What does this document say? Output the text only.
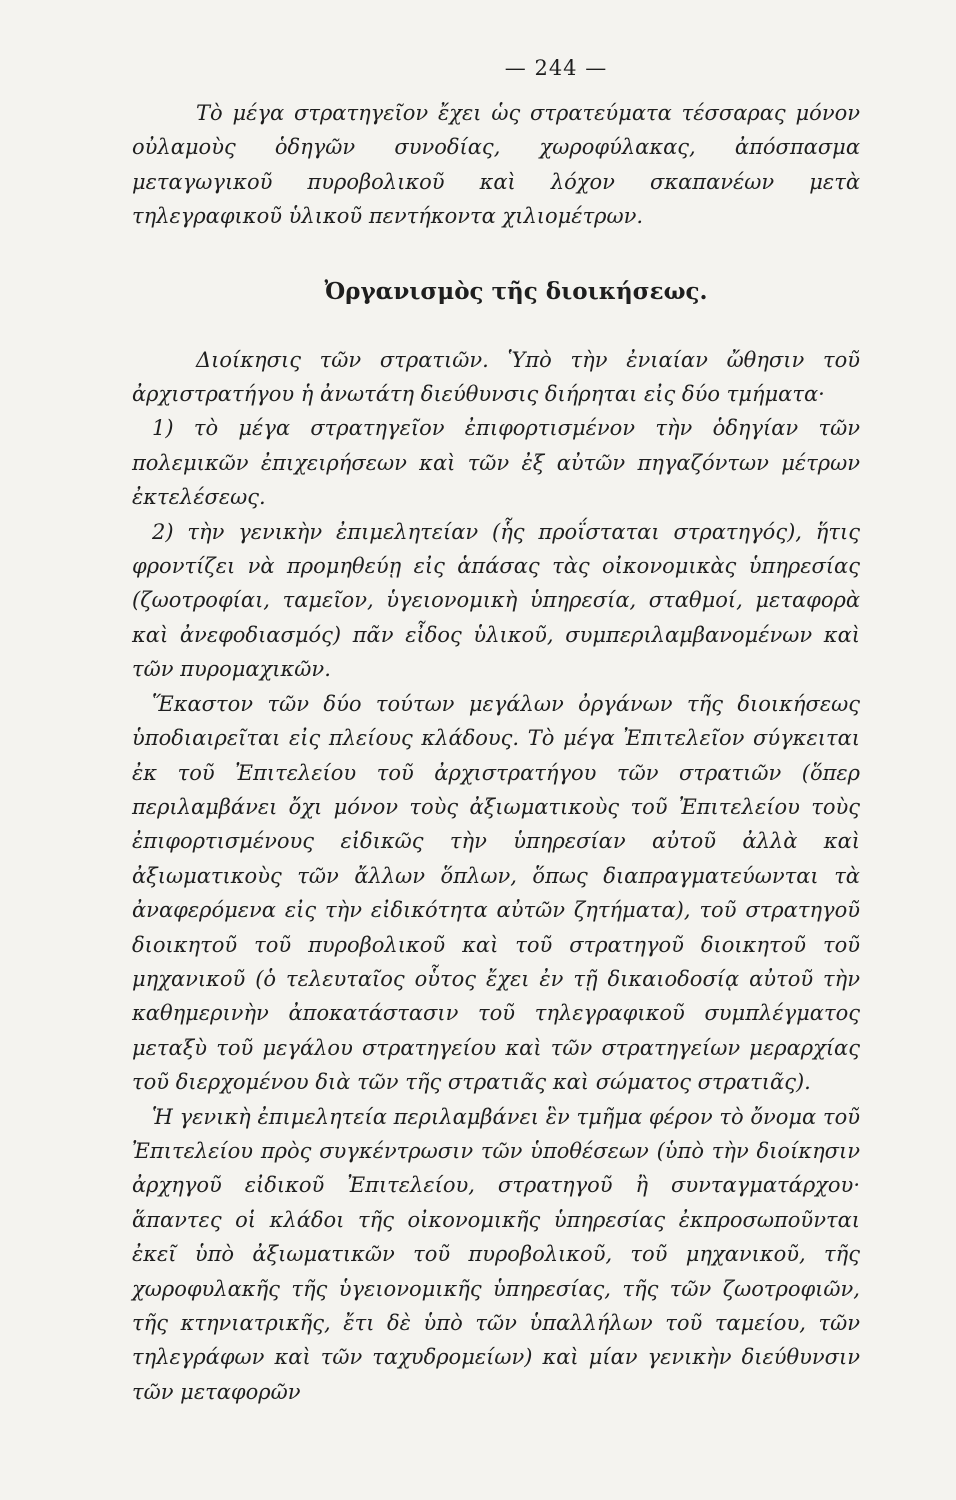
— 244 —

Τὸ μέγα στρατηγεῖον ἔχει ὡς στρατεύματα τέσσαρας μόνον οὐλαμοὺς ὁδηγῶν συνοδίας, χωροφύλακας, ἀπόσπασμα μεταγωγικοῦ πυροβολικοῦ καὶ λόχον σκαπανέων μετὰ τηλεγραφικοῦ ὑλικοῦ πεντήκοντα χιλιομέτρων.

Ὀργανισμὸς τῆς διοικήσεως.

Διοίκησις τῶν στρατιῶν. Ὑπὸ τὴν ἐνιαίαν ὤθησιν τοῦ ἀρχιστρατήγου ἡ ἀνωτάτη διεύθυνσις διήρηται εἰς δύο τμήματα·

1) τὸ μέγα στρατηγεῖον ἐπιφορτισμένον τὴν ὁδηγίαν τῶν πολεμικῶν ἐπιχειρήσεων καὶ τῶν ἐξ αὐτῶν πηγαζόντων μέτρων ἐκτελέσεως.

2) τὴν γενικὴν ἐπιμελητείαν (ἧς προΐσταται στρατηγός), ἥτις φροντίζει νὰ προμηθεύῃ εἰς ἁπάσας τὰς οἰκονομικὰς ὑπηρεσίας (ζωοτροφίαι, ταμεῖον, ὑγειονομικὴ ὑπηρεσία, σταθμοί, μεταφορὰ καὶ ἀνεφοδιασμός) πᾶν εἶδος ὑλικοῦ, συμπεριλαμβανομένων καὶ τῶν πυρομαχικῶν.

Ἕκαστον τῶν δύο τούτων μεγάλων ὀργάνων τῆς διοικήσεως ὑποδιαιρεῖται εἰς πλείους κλάδους. Τὸ μέγα Ἐπιτελεῖον σύγκειται ἐκ τοῦ Ἐπιτελείου τοῦ ἀρχιστρατήγου τῶν στρατιῶν (ὅπερ περιλαμβάνει ὄχι μόνον τοὺς ἀξιωματικοὺς τοῦ Ἐπιτελείου τοὺς ἐπιφορτισμένους εἰδικῶς τὴν ὑπηρεσίαν αὐτοῦ ἀλλὰ καὶ ἀξιωματικοὺς τῶν ἄλλων ὅπλων, ὅπως διαπραγματεύωνται τὰ ἀναφερόμενα εἰς τὴν εἰδικότητα αὐτῶν ζητήματα), τοῦ στρατηγοῦ διοικητοῦ τοῦ πυροβολικοῦ καὶ τοῦ στρατηγοῦ διοικητοῦ τοῦ μηχανικοῦ (ὁ τελευταῖος οὗτος ἔχει ἐν τῇ δικαιοδοσίᾳ αὐτοῦ τὴν καθημερινὴν ἀποκατάστασιν τοῦ τηλεγραφικοῦ συμπλέγματος μεταξὺ τοῦ μεγάλου στρατηγείου καὶ τῶν στρατηγείων μεραρχίας τοῦ διερχομένου διὰ τῶν τῆς στρατιᾶς καὶ σώματος στρατιᾶς).

Ἡ γενικὴ ἐπιμελητεία περιλαμβάνει ἓν τμῆμα φέρον τὸ ὄνομα τοῦ Ἐπιτελείου πρὸς συγκέντρωσιν τῶν ὑποθέσεων (ὑπὸ τὴν διοίκησιν ἀρχηγοῦ εἰδικοῦ Ἐπιτελείου, στρατηγοῦ ἢ συνταγματάρχου· ἅπαντες οἱ κλάδοι τῆς οἰκονομικῆς ὑπηρεσίας ἐκπροσωποῦνται ἐκεῖ ὑπὸ ἀξιωματικῶν τοῦ πυροβολικοῦ, τοῦ μηχανικοῦ, τῆς χωροφυλακῆς τῆς ὑγειονομικῆς ὑπηρεσίας, τῆς τῶν ζωοτροφιῶν, τῆς κτηνιατρικῆς, ἔτι δὲ ὑπὸ τῶν ὑπαλλήλων τοῦ ταμείου, τῶν τηλεγράφων καὶ τῶν ταχυδρομείων) καὶ μίαν γενικὴν διεύθυνσιν τῶν μεταφορῶν
